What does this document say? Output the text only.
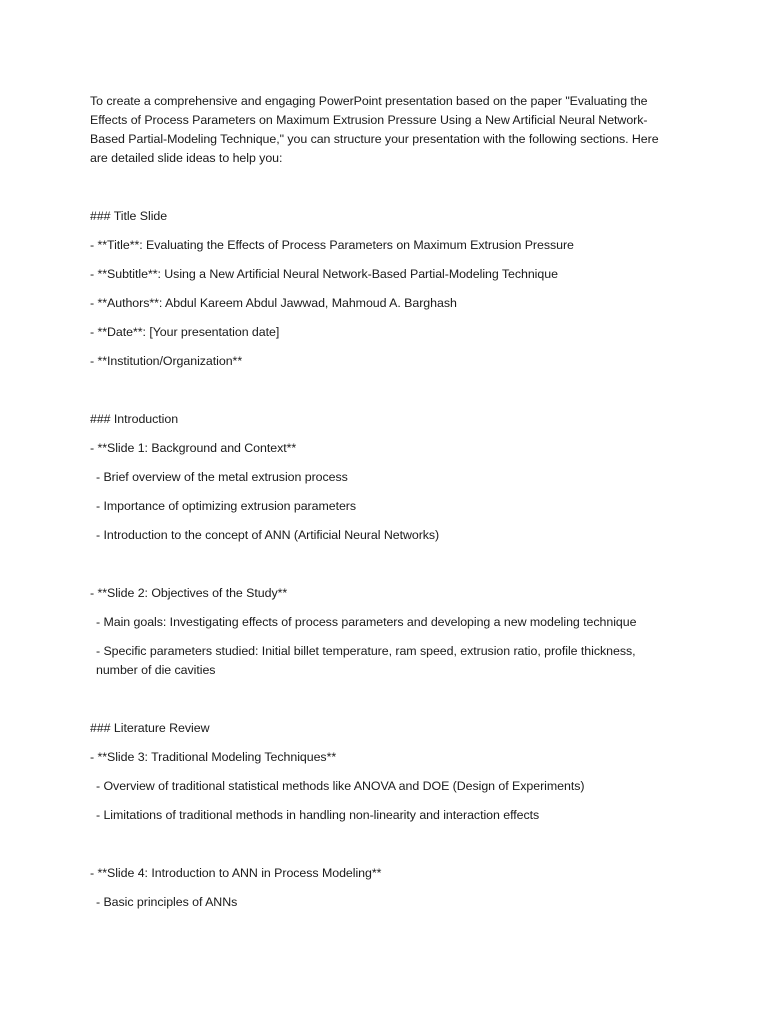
To create a comprehensive and engaging PowerPoint presentation based on the paper "Evaluating the Effects of Process Parameters on Maximum Extrusion Pressure Using a New Artificial Neural Network-Based Partial-Modeling Technique," you can structure your presentation with the following sections. Here are detailed slide ideas to help you:

### Title Slide

- **Title**: Evaluating the Effects of Process Parameters on Maximum Extrusion Pressure

- **Subtitle**: Using a New Artificial Neural Network-Based Partial-Modeling Technique

- **Authors**: Abdul Kareem Abdul Jawwad, Mahmoud A. Barghash

- **Date**: [Your presentation date]

- **Institution/Organization**

### Introduction

- **Slide 1: Background and Context**

- Brief overview of the metal extrusion process

- Importance of optimizing extrusion parameters

- Introduction to the concept of ANN (Artificial Neural Networks)

- **Slide 2: Objectives of the Study**

- Main goals: Investigating effects of process parameters and developing a new modeling technique

- Specific parameters studied: Initial billet temperature, ram speed, extrusion ratio, profile thickness, number of die cavities

### Literature Review

- **Slide 3: Traditional Modeling Techniques**

- Overview of traditional statistical methods like ANOVA and DOE (Design of Experiments)

- Limitations of traditional methods in handling non-linearity and interaction effects

- **Slide 4: Introduction to ANN in Process Modeling**

- Basic principles of ANNs
